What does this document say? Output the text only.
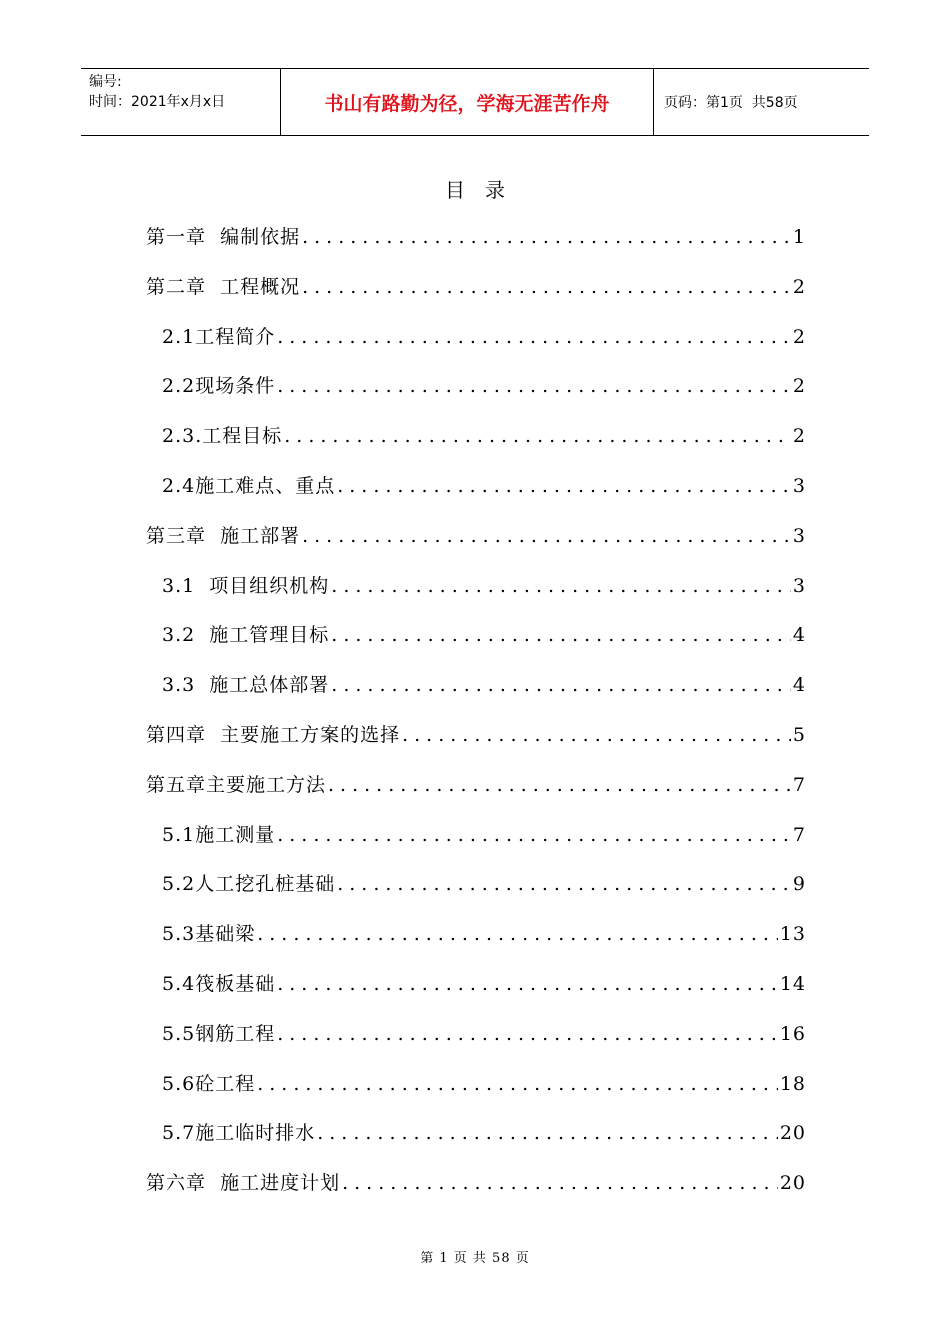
编号:
时间：2021年x月x日	书山有路勤为径，学海无涯苦作舟	页码：第1页  共58页
目录
第一章  编制依据 .....	1
第二章  工程概况 .....	2
2.1工程简介 .....	2
2.2现场条件 .....	2
2.3.工程目标 .....	2
2.4施工难点、重点 .....	3
第三章  施工部署 .....	3
3.1  项目组织机构 .....	3
3.2  施工管理目标 .....	4
3.3  施工总体部署 .....	4
第四章  主要施工方案的选择 .....	5
第五章主要施工方法 .....	7
5.1施工测量 .....	7
5.2人工挖孔桩基础 .....	9
5.3基础梁 .....	13
5.4筏板基础 .....	14
5.5钢筋工程 .....	16
5.6砼工程 .....	18
5.7施工临时排水 .....	20
第六章  施工进度计划 .....	20
第 1 页 共 58 页
